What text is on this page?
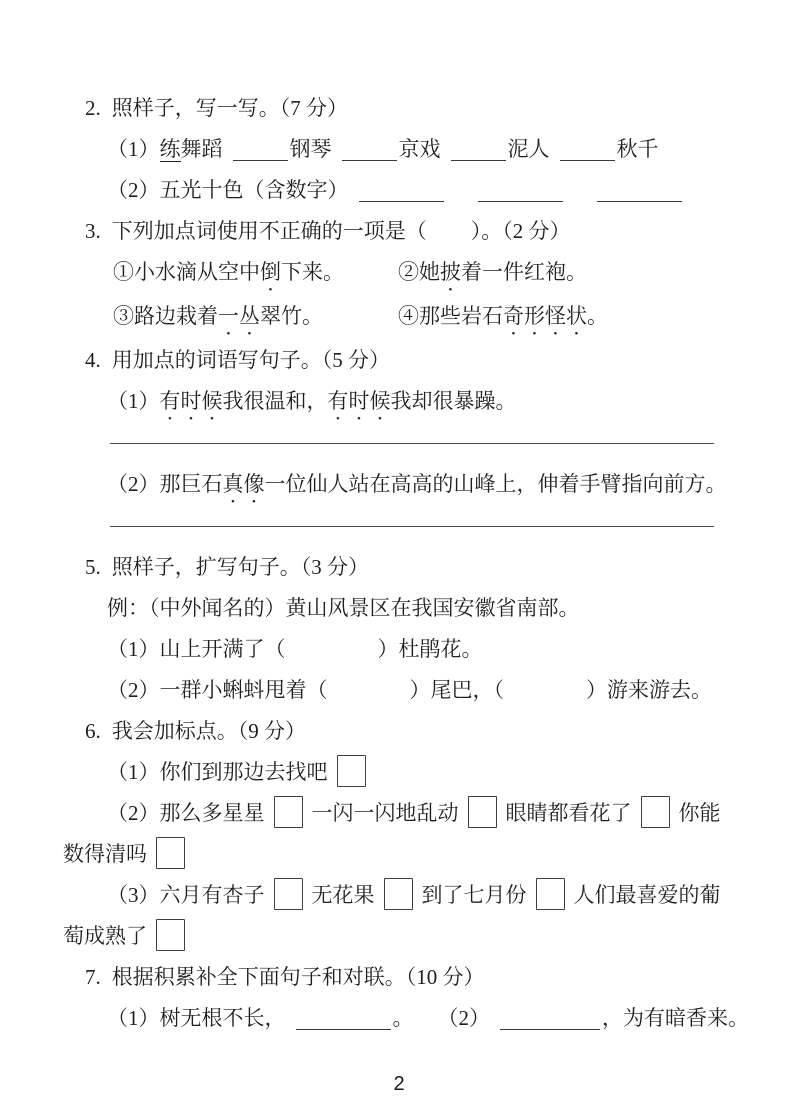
2. 照样子，写一写。（7 分）
（1）练舞蹈	钢琴	京戏	泥人	秋千
（2）五光十色（含数字）
3. 下列加点词使用不正确的一项是（ ）。（2 分）
①小水滴从空中倒下来。	②她披着一件红袍。
③路边栽着一丛翠竹。	④那些岩石奇形怪状。
4. 用加点的词语写句子。（5 分）
（1）有时候我很温和，有时候我却很暴躁。
（2）那巨石真像一位仙人站在高高的山峰上，伸着手臂指向前方。
5. 照样子，扩写句子。（3 分）
例：（中外闻名的）黄山风景区在我国安徽省南部。
（1）山上开满了（	）杜鹃花。
（2）一群小蝌蚪甩着（	）尾巴，（	）游来游去。
6. 我会加标点。（9 分）
（1）你们到那边去找吧
（2）那么多星星 一闪一闪地乱动 眼睛都看花了 你能
数得清吗
（3）六月有杏子 无花果 到了七月份 人们最喜爱的葡
萄成熟了
7. 根据积累补全下面句子和对联。（10 分）
（1）树无根不长，	。 （2）	，为有暗香来。
2
